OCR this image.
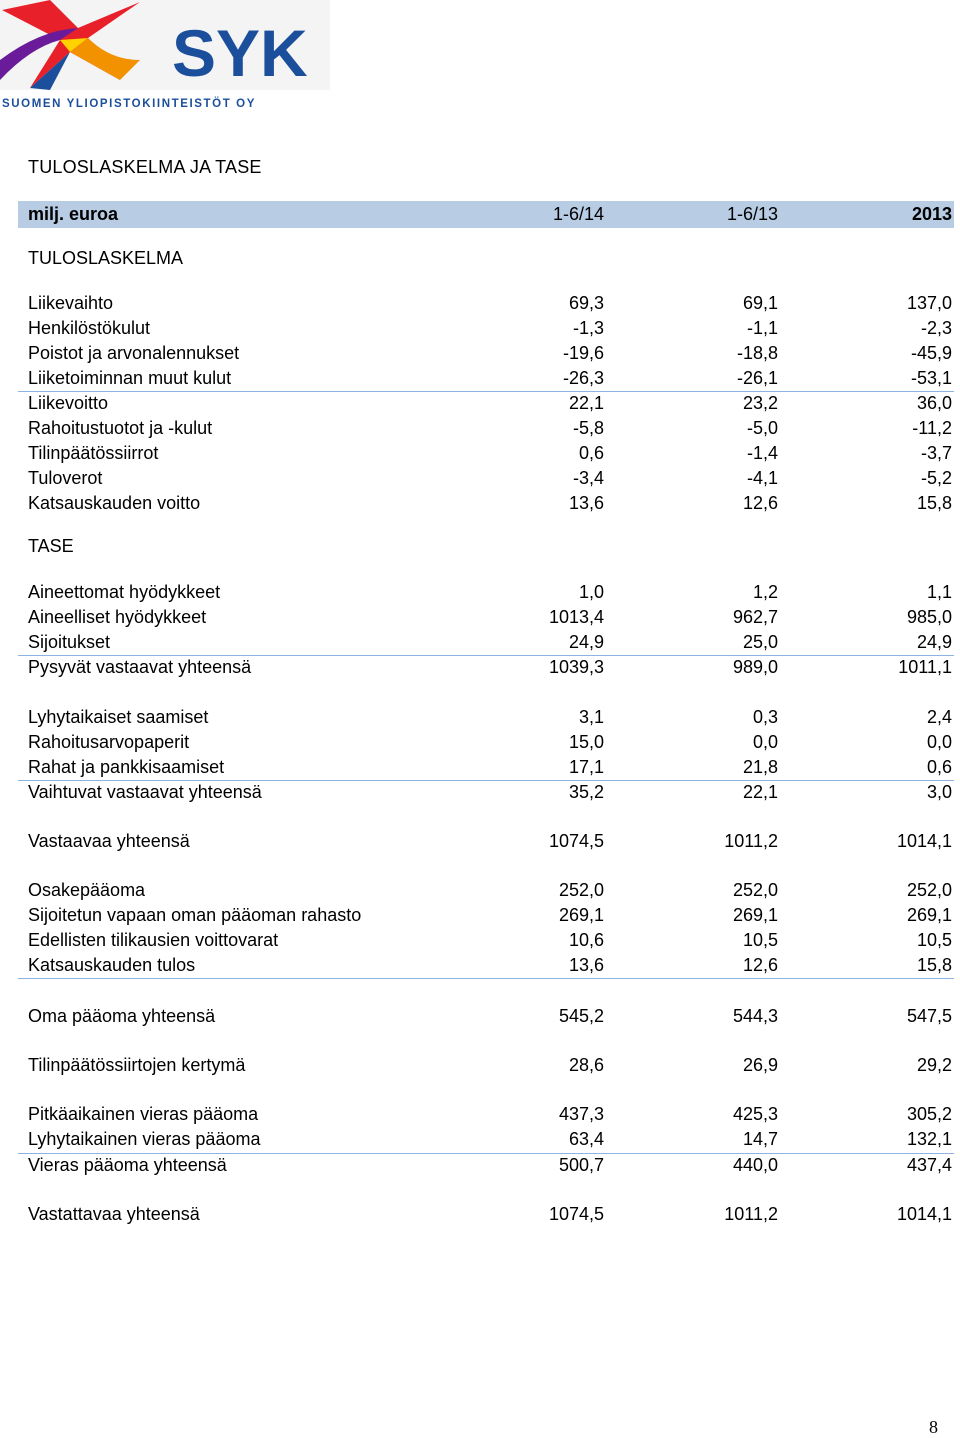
SYK
SUOMEN YLIOPISTOKIINTEISTÖT OY
TULOSLASKELMA JA TASE
milj. euroa	1-6/14	1-6/13	2013
TULOSLASKELMA
TASE
Liikevaihto	69,3	69,1	137,0
Henkilöstökulut	-1,3	-1,1	-2,3
Poistot ja arvonalennukset	-19,6	-18,8	-45,9
Liiketoiminnan muut kulut	-26,3	-26,1	-53,1
Liikevoitto	22,1	23,2	36,0
Rahoitustuotot ja -kulut	-5,8	-5,0	-11,2
Tilinpäätössiirrot	0,6	-1,4	-3,7
Tuloverot	-3,4	-4,1	-5,2
Katsauskauden voitto	13,6	12,6	15,8
Aineettomat hyödykkeet	1,0	1,2	1,1
Aineelliset hyödykkeet	1013,4	962,7	985,0
Sijoitukset	24,9	25,0	24,9
Pysyvät vastaavat yhteensä	1039,3	989,0	1011,1
Lyhytaikaiset saamiset	3,1	0,3	2,4
Rahoitusarvopaperit	15,0	0,0	0,0
Rahat ja pankkisaamiset	17,1	21,8	0,6
Vaihtuvat vastaavat yhteensä	35,2	22,1	3,0
Vastaavaa yhteensä	1074,5	1011,2	1014,1
Osakepääoma	252,0	252,0	252,0
Sijoitetun vapaan oman pääoman rahasto	269,1	269,1	269,1
Edellisten tilikausien voittovarat	10,6	10,5	10,5
Katsauskauden tulos	13,6	12,6	15,8
Oma pääoma yhteensä	545,2	544,3	547,5
Tilinpäätössiirtojen kertymä	28,6	26,9	29,2
Pitkäaikainen vieras pääoma	437,3	425,3	305,2
Lyhytaikainen vieras pääoma	63,4	14,7	132,1
Vieras pääoma yhteensä	500,7	440,0	437,4
Vastattavaa yhteensä	1074,5	1011,2	1014,1
8
